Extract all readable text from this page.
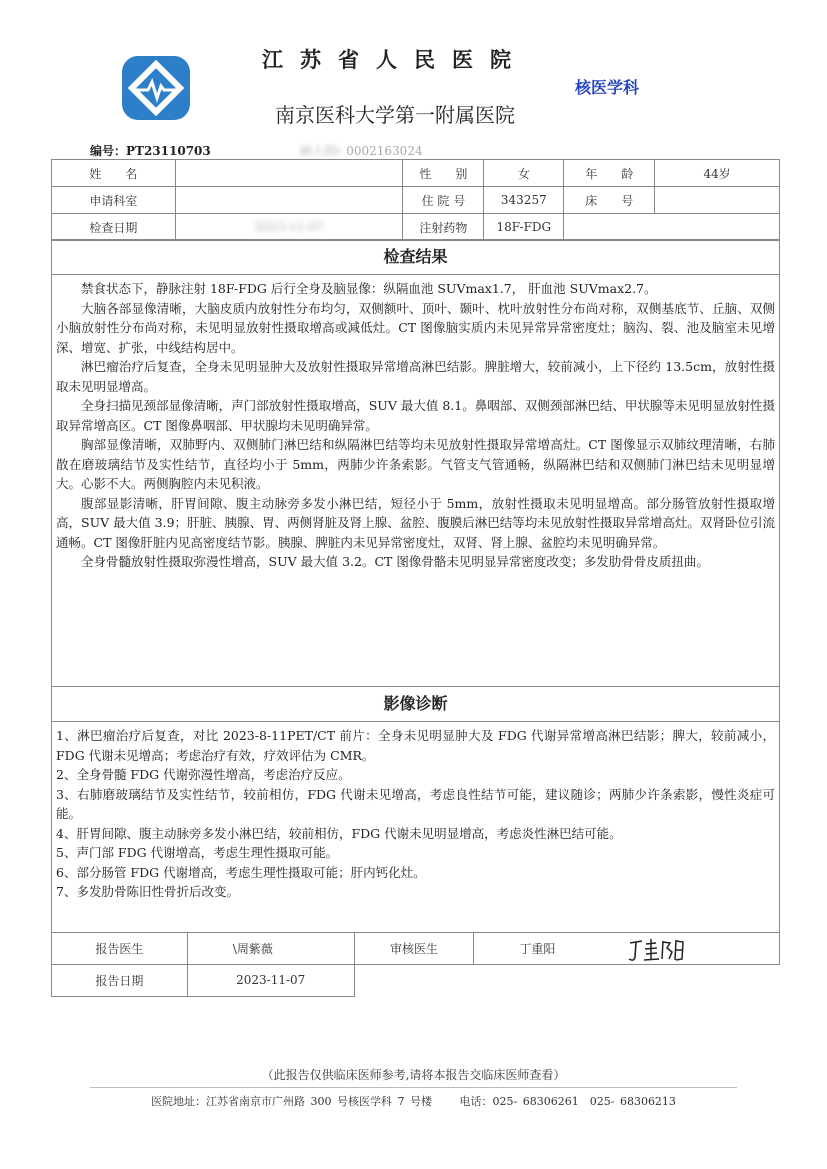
江苏省人民医院
南京医科大学第一附属医院
核医学科
编号：PT23110703	病人ID: 0002163024
姓　　名		性　　别	女	年　　龄	44岁
申请科室		住 院 号	343257	床　　号	
检查日期	2023-11-07	注射药物	18F-FDG		
检查结果

禁食状态下，静脉注射 18F-FDG 后行全身及脑显像：纵隔血池 SUVmax1.7， 肝血池 SUVmax2.7。

大脑各部显像清晰，大脑皮质内放射性分布均匀，双侧额叶、顶叶、颞叶、枕叶放射性分布尚对称，双侧基底节、丘脑、双侧小脑放射性分布尚对称，未见明显放射性摄取增高或减低灶。CT 图像脑实质内未见异常异常密度灶；脑沟、裂、池及脑室未见增深、增宽、扩张，中线结构居中。

淋巴瘤治疗后复查，全身未见明显肿大及放射性摄取异常增高淋巴结影。脾脏增大，较前减小，上下径约 13.5cm，放射性摄取未见明显增高。

全身扫描见颈部显像清晰，声门部放射性摄取增高，SUV 最大值 8.1。鼻咽部、双侧颈部淋巴结、甲状腺等未见明显放射性摄取异常增高区。CT 图像鼻咽部、甲状腺均未见明确异常。

胸部显像清晰，双肺野内、双侧肺门淋巴结和纵隔淋巴结等均未见放射性摄取异常增高灶。CT 图像显示双肺纹理清晰，右肺散在磨玻璃结节及实性结节，直径均小于 5mm，两肺少许条索影。气管支气管通畅，纵隔淋巴结和双侧肺门淋巴结未见明显增大。心影不大。两侧胸腔内未见积液。

腹部显影清晰，肝胃间隙、腹主动脉旁多发小淋巴结，短径小于 5mm，放射性摄取未见明显增高。部分肠管放射性摄取增高，SUV 最大值 3.9；肝脏、胰腺、胃、两侧肾脏及肾上腺、盆腔、腹膜后淋巴结等均未见放射性摄取异常增高灶。双肾卧位引流通畅。CT 图像肝脏内见高密度结节影。胰腺、脾脏内未见异常密度灶，双肾、肾上腺、盆腔均未见明确异常。

全身骨髓放射性摄取弥漫性增高，SUV 最大值 3.2。CT 图像骨骼未见明显异常密度改变；多发肋骨骨皮质扭曲。

影像诊断

1、淋巴瘤治疗后复查，对比 2023-8-11PET/CT 前片：全身未见明显肿大及 FDG 代谢异常增高淋巴结影；脾大，较前减小，FDG 代谢未见增高；考虑治疗有效，疗效评估为 CMR。

2、全身骨髓 FDG 代谢弥漫性增高，考虑治疗反应。

3、右肺磨玻璃结节及实性结节，较前相仿，FDG 代谢未见增高，考虑良性结节可能，建议随诊；两肺少许条索影，慢性炎症可能。

4、肝胃间隙、腹主动脉旁多发小淋巴结，较前相仿，FDG 代谢未见明显增高，考虑炎性淋巴结可能。

5、声门部 FDG 代谢增高，考虑生理性摄取可能。

6、部分肠管 FDG 代谢增高，考虑生理性摄取可能；肝内钙化灶。

7、多发肋骨陈旧性骨折后改变。

报告医生	\周紫薇	审核医生	丁重阳
报告日期	2023-11-07		
（此报告仅供临床医师参考,请将本报告交临床医师查看）
医院地址：江苏省南京市广州路 300 号核医学科 7 号楼　　 电话：025- 68306261　025- 68306213
